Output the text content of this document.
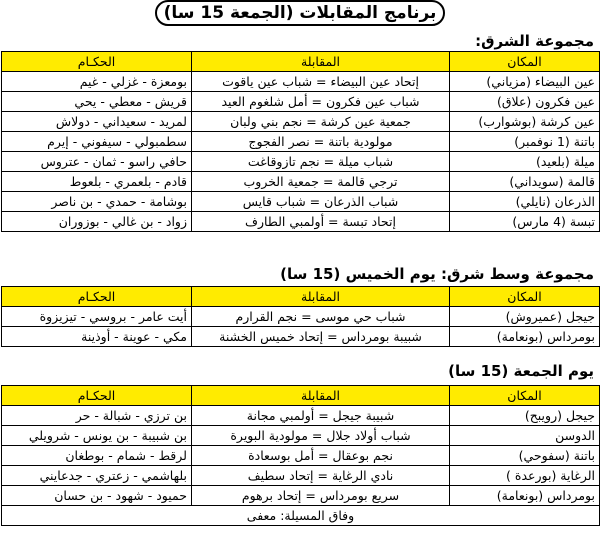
برنامج المقابلات (الجمعة 15 سا)
مجموعة الشرق:
المكان	المقابلة	الحكـام
عين البيضاء (مزياني)	إتحاد عين البيضاء = شباب عين ياقوت	بومعزة - غزلي - غيم
عين فكرون (علاق)	شباب عين فكرون = أمل شلغوم العيد	قريش - معطي - يحي
عين كرشة (بوشوارب)	جمعية عين كرشة = نجم بني ولبان	لمريد - سعيداني - دولاش
باتنة (1 نوفمبر)	مولودية باتنة = نصر الفجوج	سطمبولي - سيفوني - إيرم
ميلة (بلعيد)	شباب ميلة = نجم تازوقاغت	حافي راسو - ثمان - عتروس
قالمة (سويداني)	ترجي قالمة = جمعية الخروب	قادم - بلعمري - بلعوط
الذرعان (نايلي)	شباب الذرعان = شباب قايس	بوشامة - حمدي - بن ناصر
تبسة (4 مارس)	إتحاد تبسة = أولمبي الطارف	زواد - بن غالي - بوزوران
مجموعة وسط شرق: يوم الخميس (15 سا)
المكان	المقابلة	الحكـام
جيجل (عميروش)	شباب حي موسى = نجم القرارم	أيت عامر - بروسي - تيزيزوة
بومرداس (بونعامة)	شبيبة بومرداس = إتحاد خميس الخشنة	مكي - عوينة - أوذينة
يوم الجمعة (15 سا)
المكان	المقابلة	الحكـام
جيجل (رويبح)	شبيبة جيجل = أولمبي مجانة	بن ترزي - شبالة - حر
الدوسن	شباب أولاد جلال = مولودية البويرة	بن شبيبة - بن يونس - شرويلي
باتنة (سفوحي)	نجم بوعقال = أمل بوسعادة	لرقط - شمام - بوطغان
الرغاية (بورعدة )	نادي الرغاية = إتحاد سطيف	بلهاشمي - زعتري - جدعايني
بومرداس (بونعامة)	سريع بومرداس = إتحاد برهوم	حميود - شهود - بن حسان
وفاق المسيلة: معفى		
